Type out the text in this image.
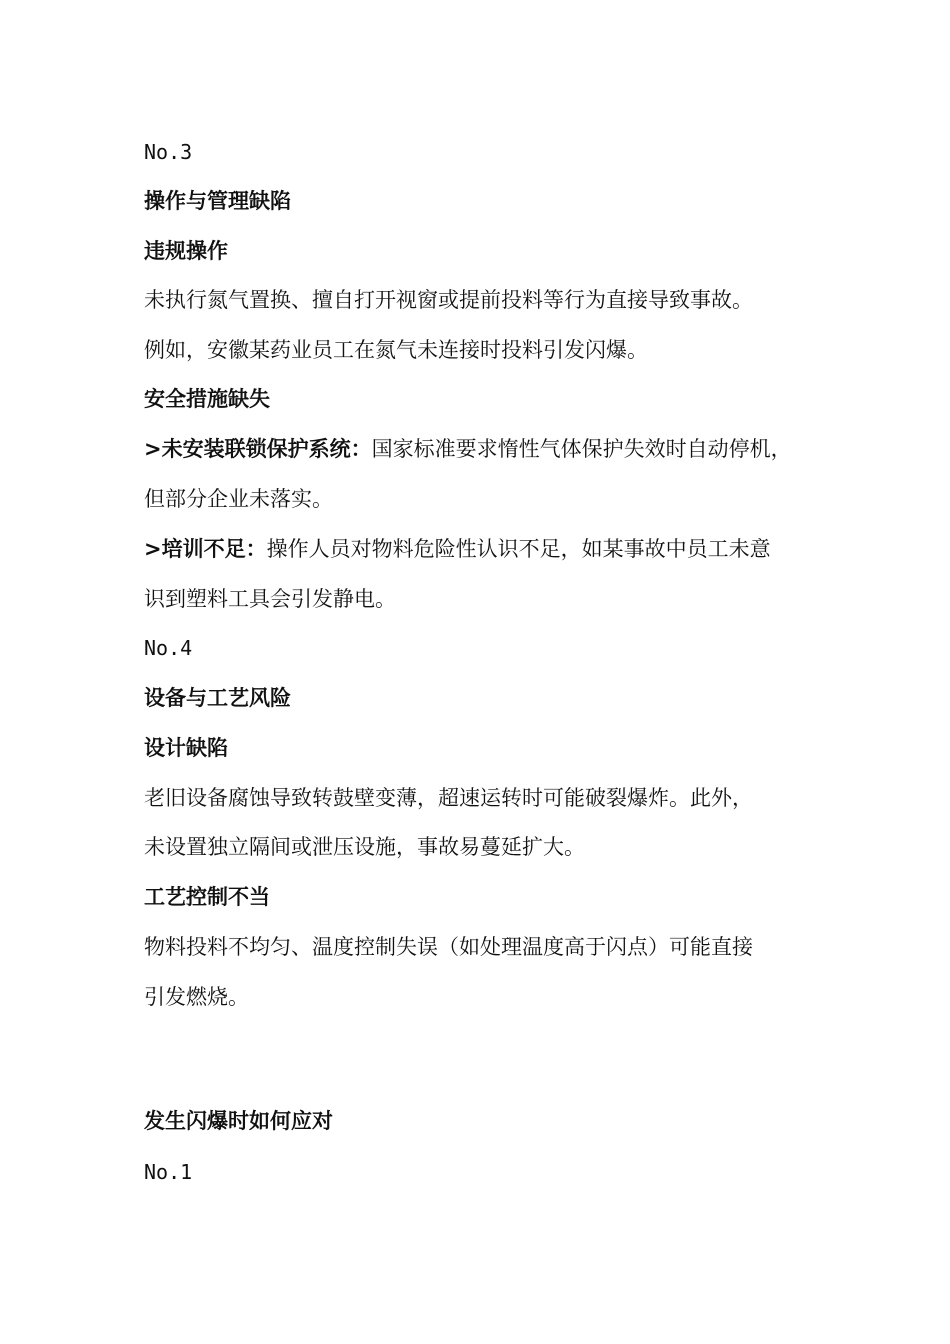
No.3
操作与管理缺陷
违规操作
未执行氮气置换、擅自打开视窗或提前投料等行为直接导致事故。
例如，安徽某药业员工在氮气未连接时投料引发闪爆。
安全措施缺失
>未安装联锁保护系统：国家标准要求惰性气体保护失效时自动停机，
但部分企业未落实。
>培训不足：操作人员对物料危险性认识不足，如某事故中员工未意
识到塑料工具会引发静电。
No.4
设备与工艺风险
设计缺陷
老旧设备腐蚀导致转鼓壁变薄，超速运转时可能破裂爆炸。此外，
未设置独立隔间或泄压设施，事故易蔓延扩大。
工艺控制不当
物料投料不均匀、温度控制失误（如处理温度高于闪点）可能直接
引发燃烧。
发生闪爆时如何应对
No.1
